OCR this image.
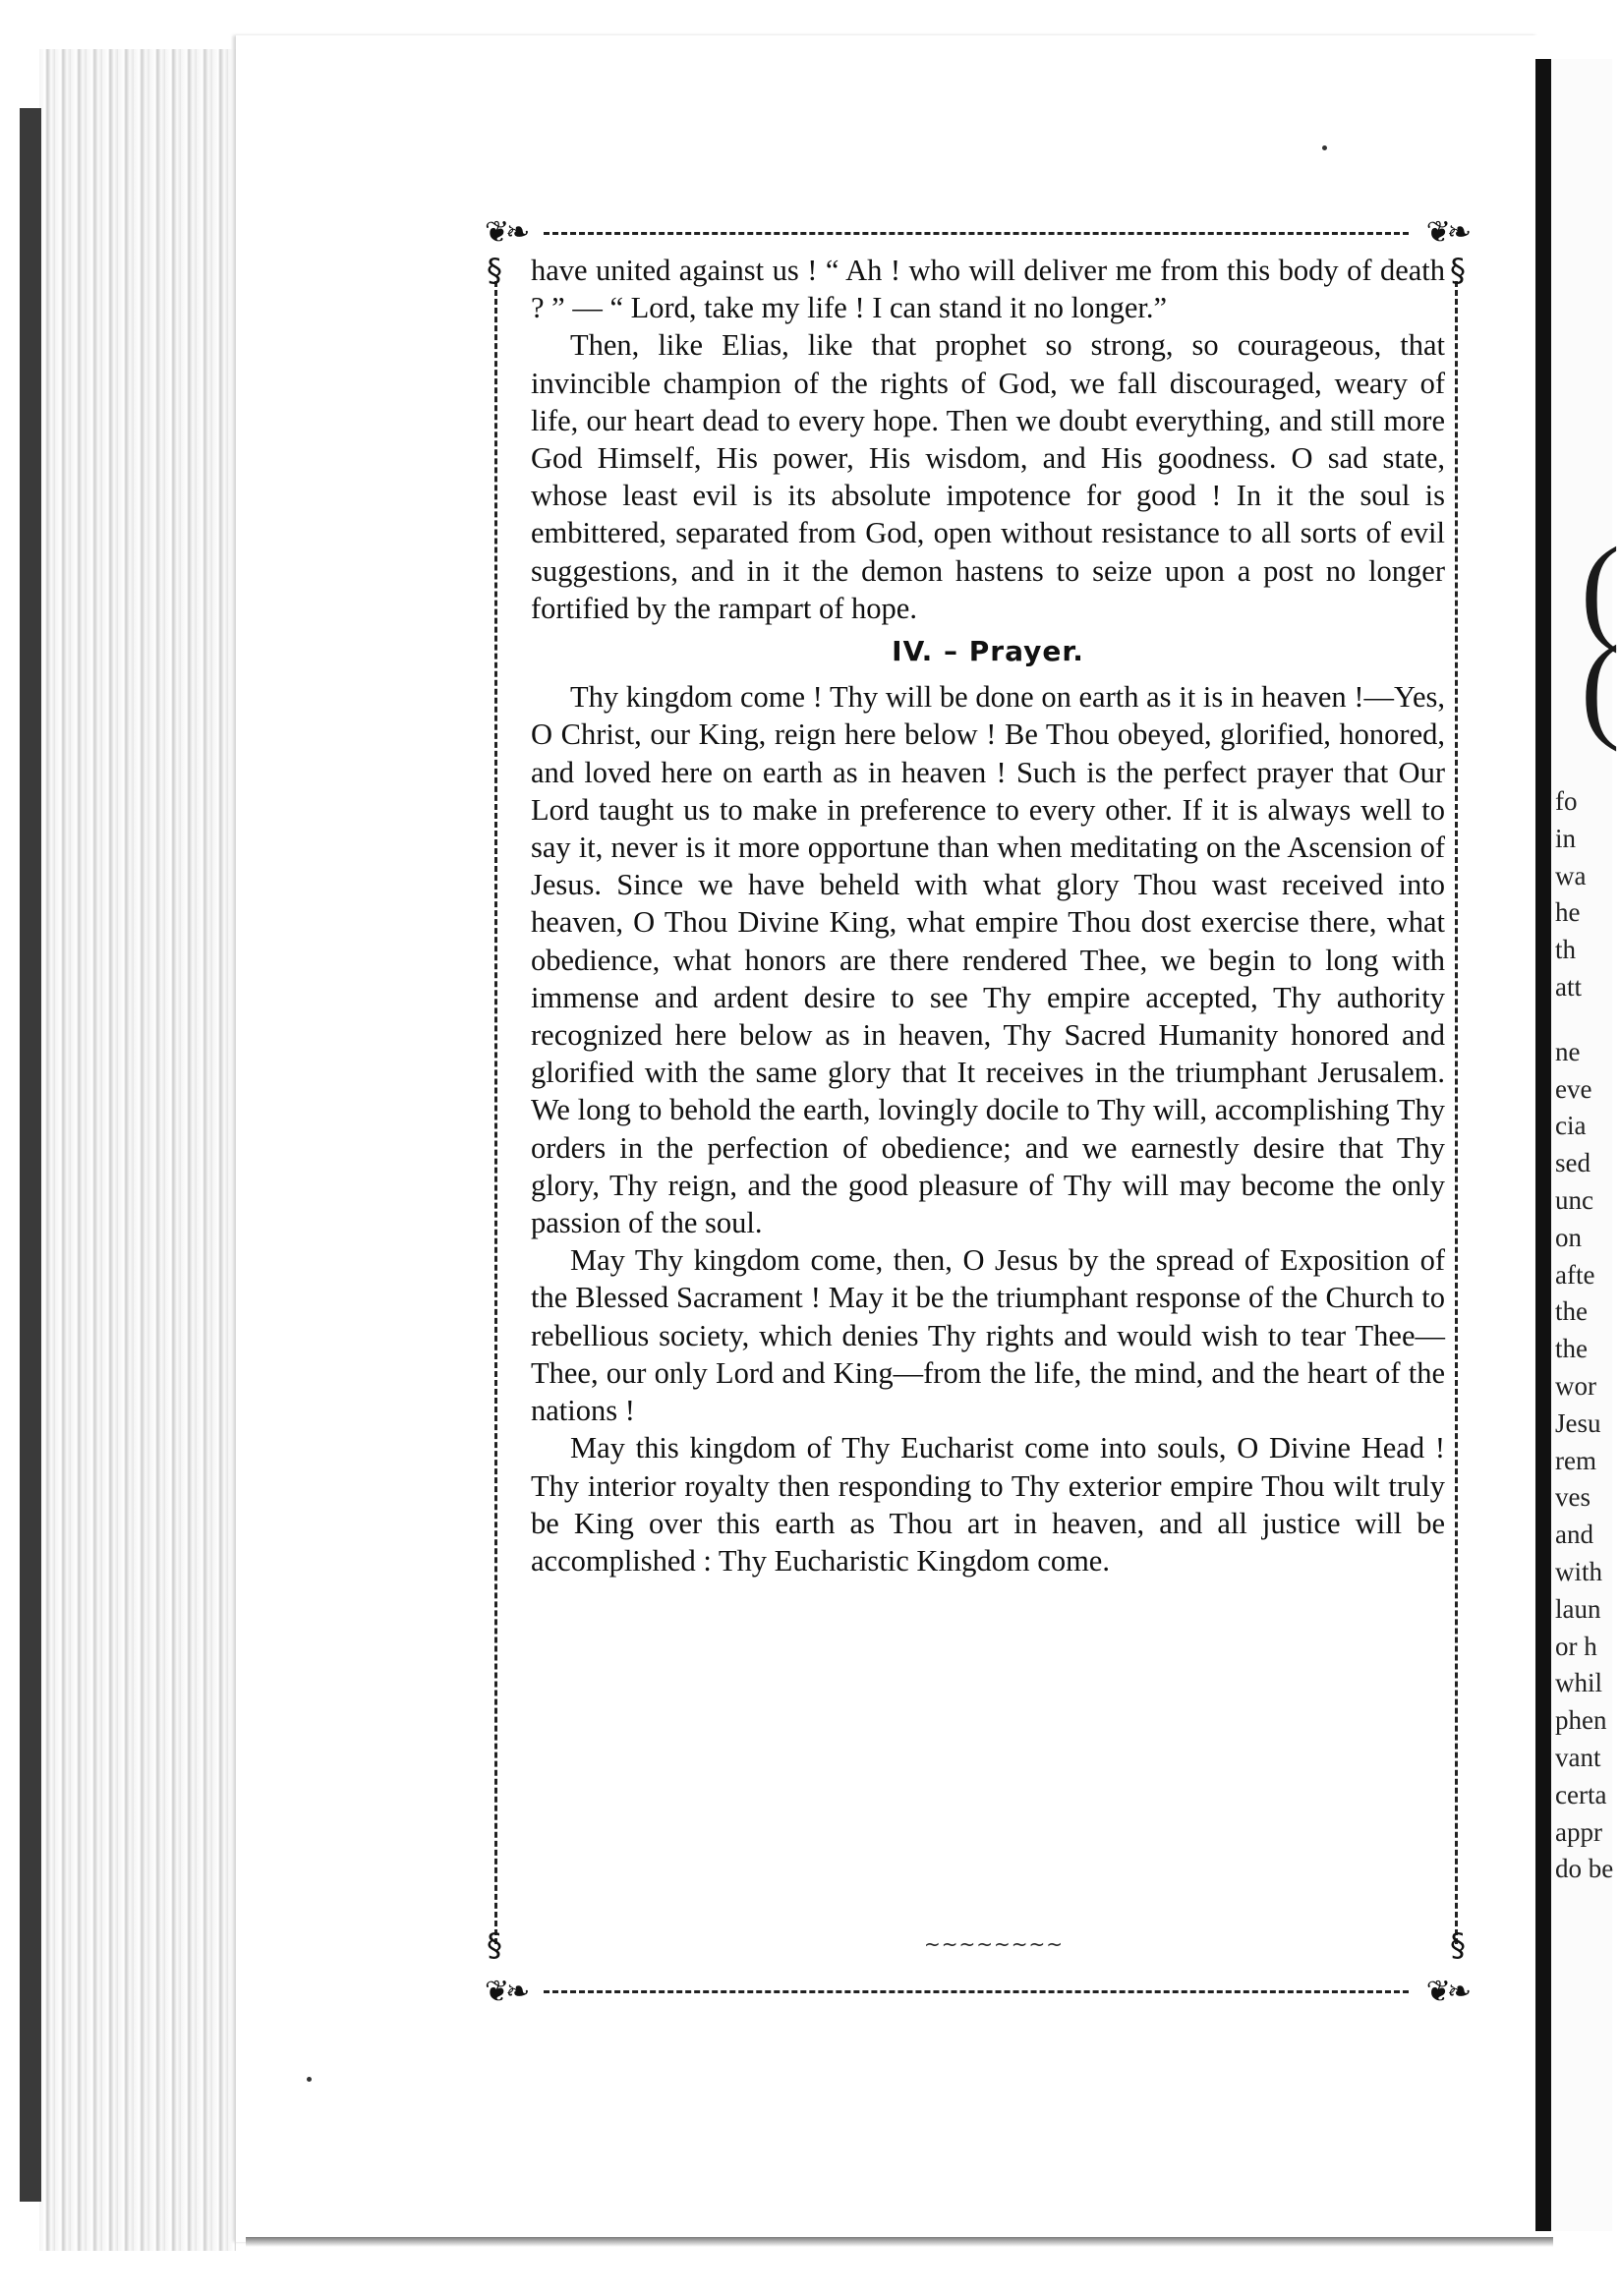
(
(
fo
in
wa
he
th
att
ne
eve
cia
sed
unc
on
afte
the
the
wor
Jesu
rem
ves
and
with
laun
or h
whil
phen
vant
certa
appr
do be
❦❧	❦❧
❦❧	❦❧
§	§
§	§

have united against us ! “ Ah ! who will deliver me from this body of death ? ” — “ Lord, take my life ! I can stand it no longer.”

Then, like Elias, like that prophet so strong, so courageous, that invincible champion of the rights of God, we fall discouraged, weary of life, our heart dead to every hope. Then we doubt everything, and still more God Himself, His power, His wisdom, and His goodness. O sad state, whose least evil is its absolute impotence for good ! In it the soul is embittered, separated from God, open without resistance to all sorts of evil suggestions, and in it the demon hastens to seize upon a post no longer fortified by the rampart of hope.

IV. – Prayer.

Thy kingdom come ! Thy will be done on earth as it is in heaven !—Yes, O Christ, our King, reign here below ! Be Thou obeyed, glorified, honored, and loved here on earth as in heaven ! Such is the perfect prayer that Our Lord taught us to make in preference to every other. If it is always well to say it, never is it more opportune than when meditating on the Ascension of Jesus. Since we have beheld with what glory Thou wast received into heaven, O Thou Divine King, what empire Thou dost exercise there, what obedience, what honors are there rendered Thee, we begin to long with immense and ardent desire to see Thy empire accepted, Thy authority recognized here below as in heaven, Thy Sacred Humanity honored and glorified with the same glory that It receives in the triumphant Jerusalem. We long to behold the earth, lovingly docile to Thy will, accomplishing Thy orders in the perfection of obedience; and we earnestly desire that Thy glory, Thy reign, and the good pleasure of Thy will may become the only passion of the soul.

May Thy kingdom come, then, O Jesus by the spread of Exposition of the Blessed Sacrament ! May it be the triumphant response of the Church to rebellious society, which denies Thy rights and would wish to tear Thee—Thee, our only Lord and King—from the life, the mind, and the heart of the nations !

May this kingdom of Thy Eucharist come into souls, O Divine Head ! Thy interior royalty then responding to Thy exterior empire Thou wilt truly be King over this earth as Thou art in heaven, and all justice will be accomplished : Thy Eucharistic Kingdom come.

~~~~~~~~
